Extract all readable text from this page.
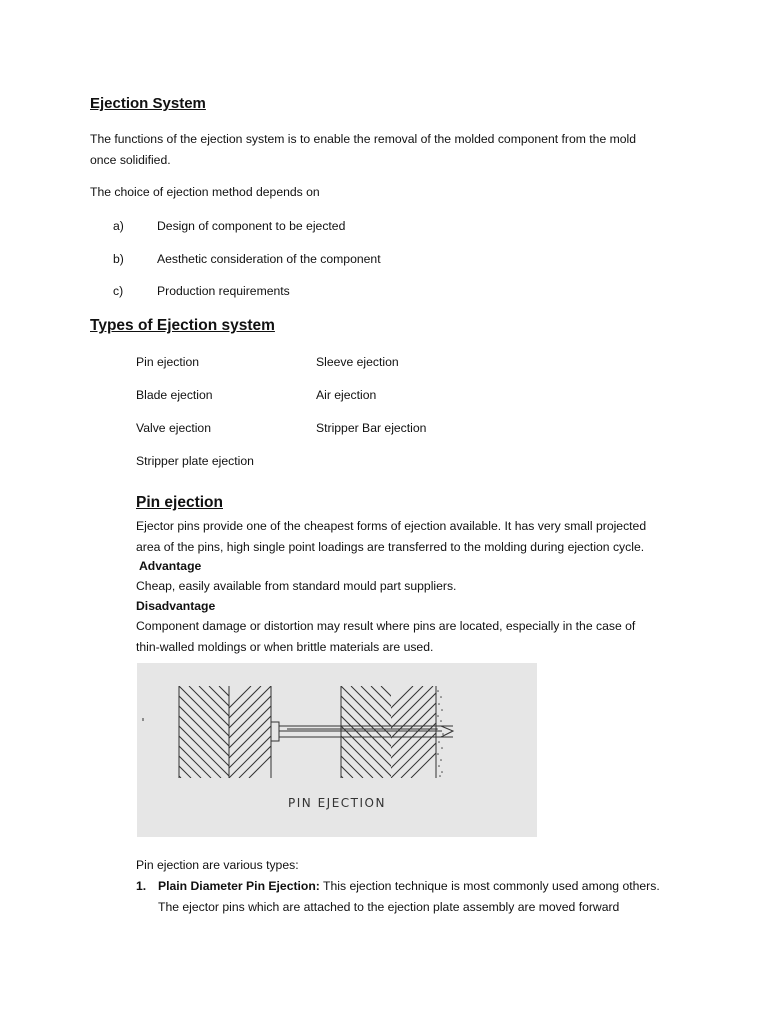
Ejection System
The functions of the ejection system is to enable the removal of the molded component from the mold
once solidified.
The choice of ejection method depends on
a)	Design of component to be ejected
b)	Aesthetic consideration of the component
c)	Production requirements
Types of Ejection system
Pin ejection	Sleeve ejection
Blade ejection	Air ejection
Valve ejection	Stripper Bar ejection
Stripper plate ejection
Pin ejection
Ejector pins provide one of the cheapest forms of ejection available. It has very small projected
area of the pins, high single point loadings are transferred to the molding during ejection cycle.
Advantage
Cheap, easily available from standard mould part suppliers.
Disadvantage
Component damage or distortion may result where pins are located, especially in the case of
thin-walled moldings or when brittle materials are used.
PIN EJECTION
Pin ejection are various types:
1. Plain Diameter Pin Ejection: This ejection technique is most commonly used among others.
The ejector pins which are attached to the ejection plate assembly are moved forward
